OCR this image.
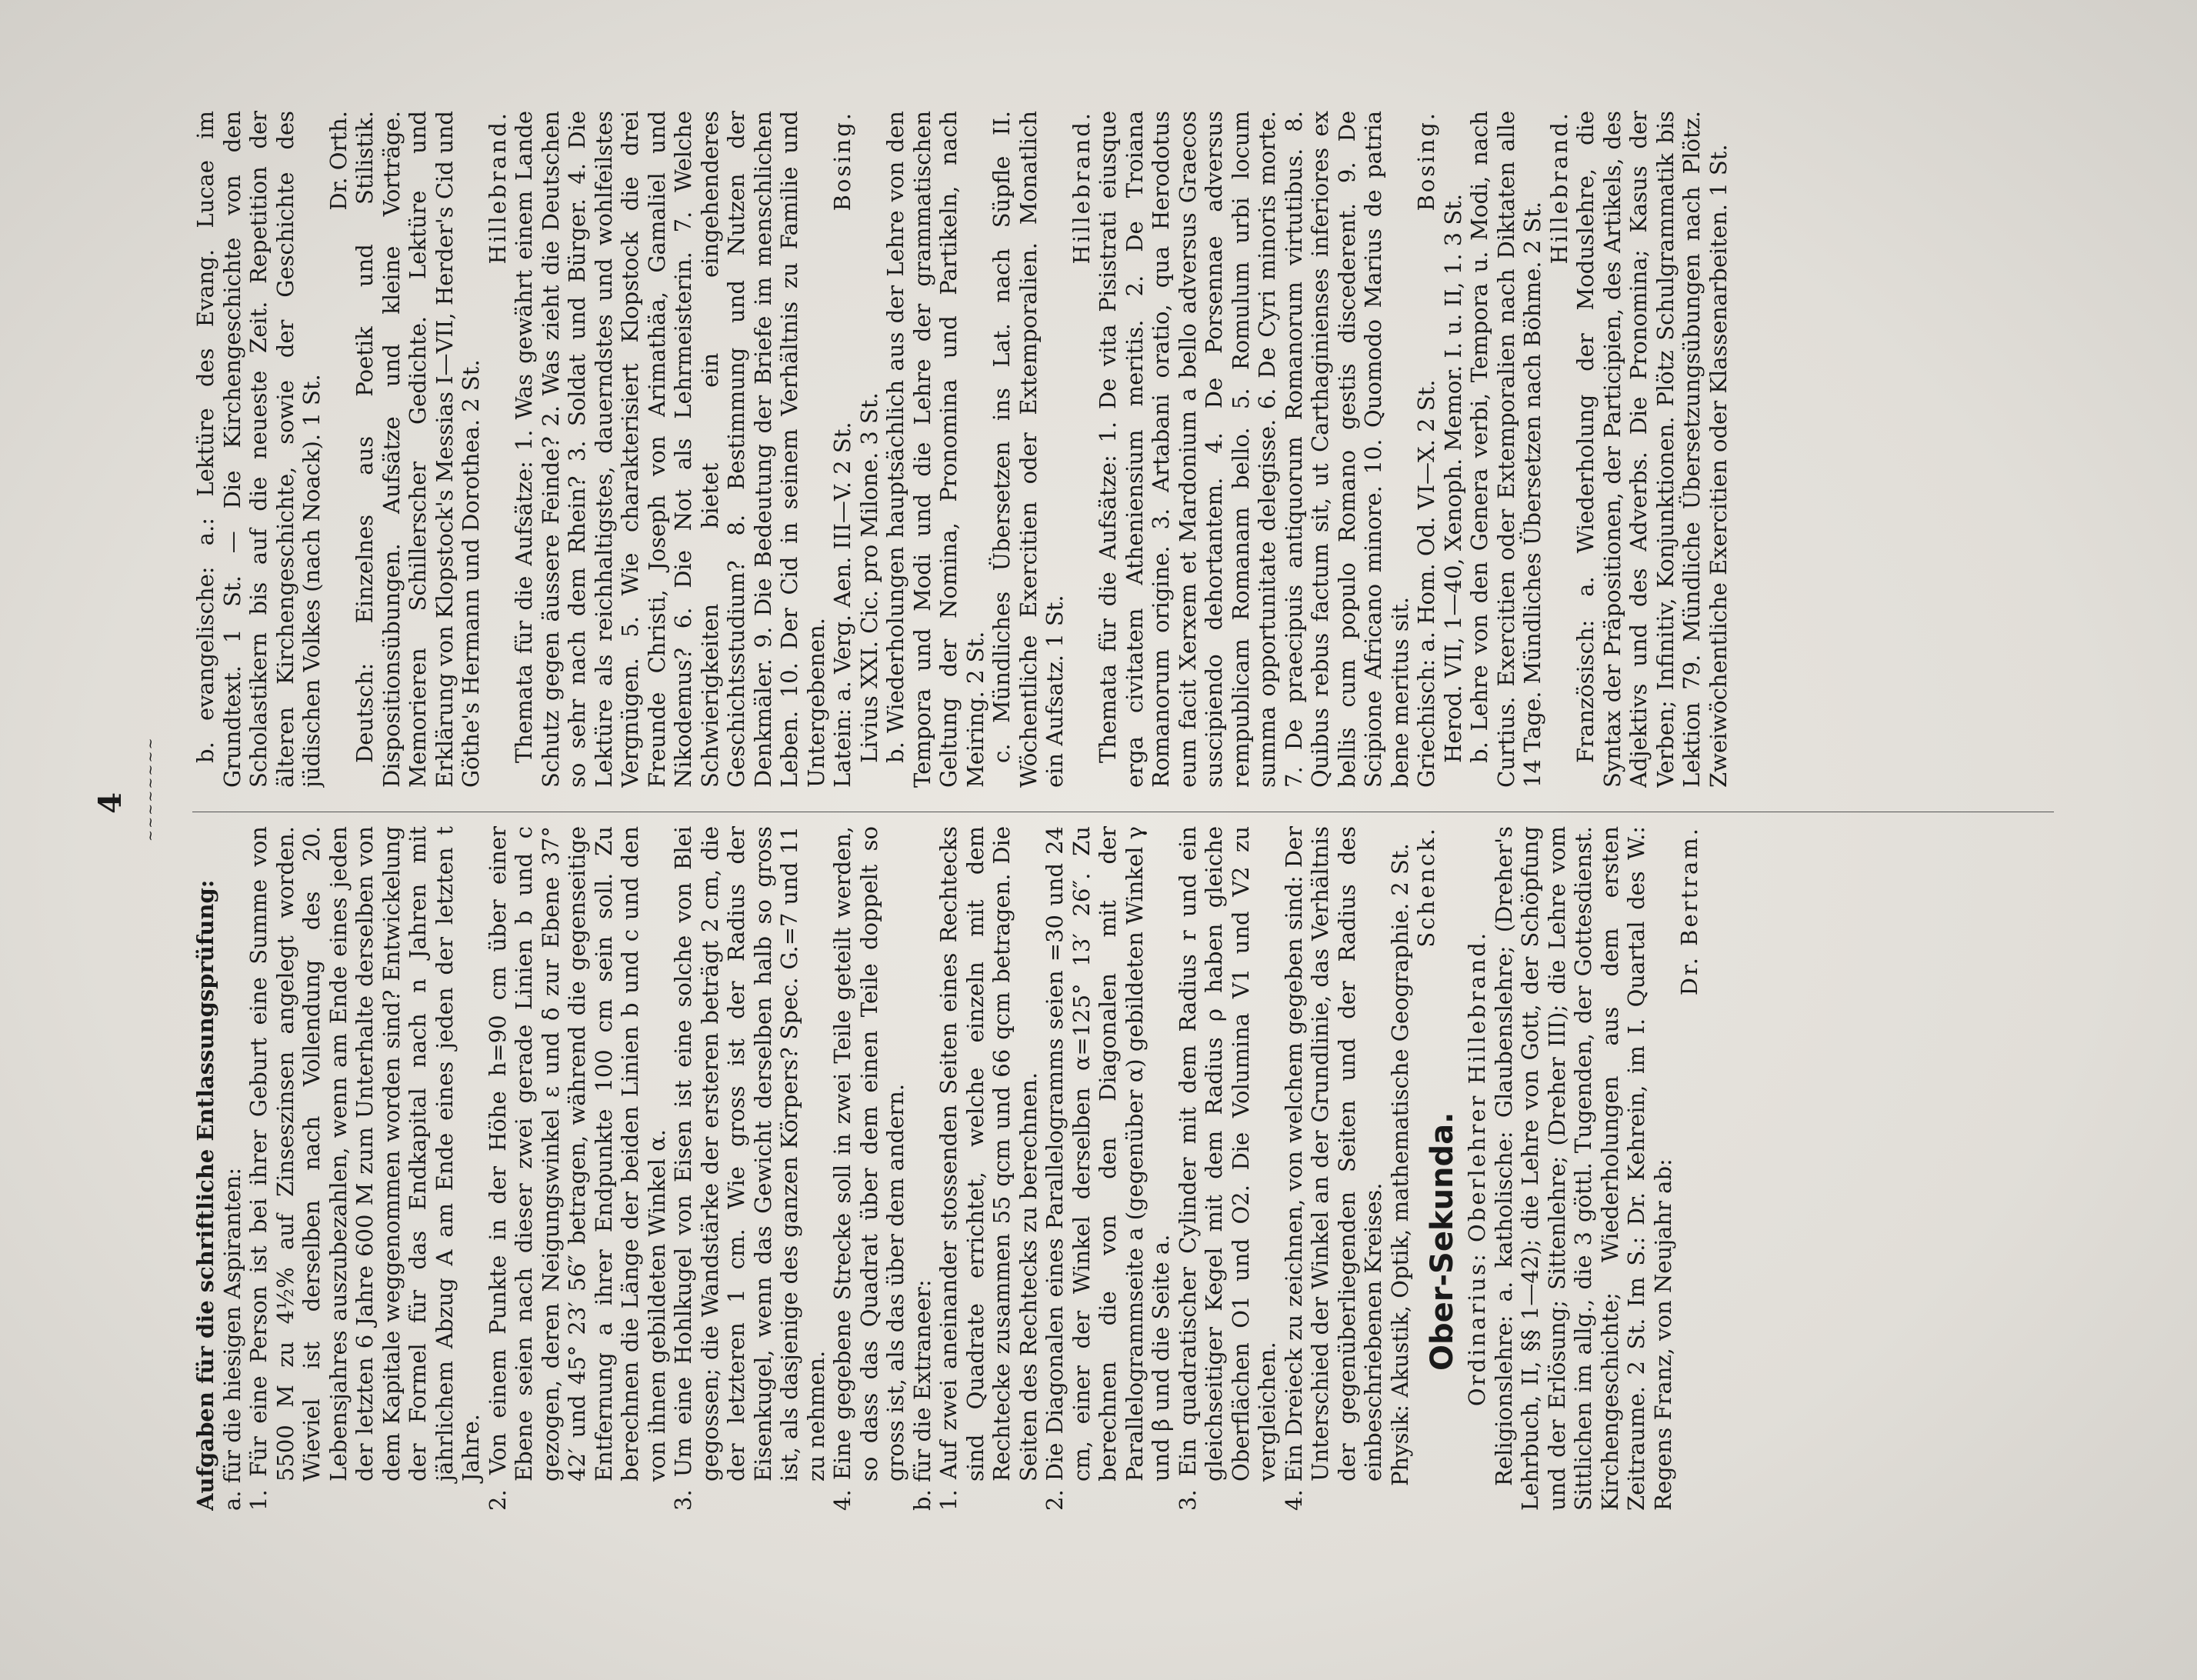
4 ~~~~~~~~

Aufgaben für die schriftliche Entlassungsprüfung: a. für die hiesigen Aspiranten: 1. Für eine Person ist bei ihrer Geburt eine Summe von 5500 M zu 4½% auf Zinseszinsen angelegt worden. Wieviel ist derselben nach Vollendung des 20. Lebensjahres auszubezahlen, wenn am Ende eines jeden der letzten 6 Jahre 600 M zum Unterhalte derselben von dem Kapitale weggenommen worden sind? Entwickelung der Formel für das Endkapital nach n Jahren mit jährlichem Abzug A am Ende eines jeden der letzten t Jahre. 2. Von einem Punkte in der Höhe h=90 cm über einer Ebene seien nach dieser zwei gerade Linien b und c gezogen, deren Neigungswinkel ε und δ zur Ebene 37° 42′ und 45° 23′ 56″ betragen, während die gegenseitige Entfernung a ihrer Endpunkte 100 cm sein soll. Zu berechnen die Länge der beiden Linien b und c und den von ihnen gebildeten Winkel α. 3. Um eine Hohlkugel von Eisen ist eine solche von Blei gegossen; die Wandstärke der ersteren beträgt 2 cm, die der letzteren 1 cm. Wie gross ist der Radius der Eisenkugel, wenn das Gewicht derselben halb so gross ist, als dasjenige des ganzen Körpers? Spec. G.=7 und 11 zu nehmen. 4. Eine gegebene Strecke soll in zwei Teile geteilt werden, so dass das Quadrat über dem einen Teile doppelt so gross ist, als das über dem andern. b. für die Extraneer: 1. Auf zwei aneinander stossenden Seiten eines Rechtecks sind Quadrate errichtet, welche einzeln mit dem Rechtecke zusammen 55 qcm und 66 qcm betragen. Die Seiten des Rechtecks zu berechnen. 2. Die Diagonalen eines Parallelogramms seien =30 und 24 cm, einer der Winkel derselben α=125° 13′ 26″. Zu berechnen die von den Diagonalen mit der Parallelogrammseite a (gegenüber α) gebildeten Winkel γ und β und die Seite a. 3. Ein quadratischer Cylinder mit dem Radius r und ein gleichseitiger Kegel mit dem Radius ρ haben gleiche Oberflächen O1 und O2. Die Volumina V1 und V2 zu vergleichen. 4. Ein Dreieck zu zeichnen, von welchem gegeben sind: Der Unterschied der Winkel an der Grundlinie, das Verhältnis der gegenüberliegenden Seiten und der Radius des einbeschriebenen Kreises. Physik: Akustik, Optik, mathematische Geographie. 2 St. Schenck.

Ober-Sekunda. Ordinarius: Oberlehrer Hillebrand. Religionslehre: a. katholische: Glaubenslehre; (Dreher's Lehrbuch, II, §§ 1—42); die Lehre von Gott, der Schöpfung und der Erlösung; Sittenlehre; (Dreher III); die Lehre vom Sittlichen im allg., die 3 göttl. Tugenden, der Gottesdienst. Kirchengeschichte; Wiederholungen aus dem ersten Zeitraume. 2 St. Im S.: Dr. Kehrein, im I. Quartal des W.: Regens Franz, von Neujahr ab:

Dr. Bertram.

b. evangelische: a.: Lektüre des Evang. Lucae im Grundtext. 1 St. — Die Kirchengeschichte von den Scholastikern bis auf die neueste Zeit. Repetition der älteren Kirchengeschichte, sowie der Geschichte des jüdischen Volkes (nach Noack). 1 St.

Dr. Orth. Deutsch: Einzelnes aus Poetik und Stilistik. Dispositionsübungen. Aufsätze und kleine Vorträge. Memorieren Schillerscher Gedichte. Lektüre und Erklärung von Klopstock's Messias I—VII, Herder's Cid und Göthe's Hermann und Dorothea. 2 St.

Hillebrand. Themata für die Aufsätze: 1. Was gewährt einem Lande Schutz gegen äussere Feinde? 2. Was zieht die Deutschen so sehr nach dem Rhein? 3. Soldat und Bürger. 4. Die Lektüre als reichhaltigstes, dauerndstes und wohlfeilstes Vergnügen. 5. Wie charakterisiert Klopstock die drei Freunde Christi, Joseph von Arimathäa, Gamaliel und Nikodemus? 6. Die Not als Lehrmeisterin. 7. Welche Schwierigkeiten bietet ein eingehenderes Geschichtsstudium? 8. Bestimmung und Nutzen der Denkmäler. 9. Die Bedeutung der Briefe im menschlichen Leben. 10. Der Cid in seinem Verhältnis zu Familie und Untergebenen. Latein: a. Verg. Aen. III—V. 2 St.
Bosing.

Livius XXI. Cic. pro Milone. 3 St. b. Wiederholungen hauptsächlich aus der Lehre von den Tempora und Modi und die Lehre der grammatischen Geltung der Nomina, Pronomina und Partikeln, nach Meiring. 2 St. c. Mündliches Übersetzen ins Lat. nach Süpfle II. Wöchentliche Exercitien oder Extemporalien. Monatlich ein Aufsatz. 1 St.

Hillebrand. Themata für die Aufsätze: 1. De vita Pisistrati eiusque erga civitatem Atheniensium meritis. 2. De Troiana Romanorum origine. 3. Artabani oratio, qua Herodotus eum facit Xerxem et Mardonium a bello adversus Graecos suscipiendo dehortantem. 4. De Porsennae adversus rempublicam Romanam bello. 5. Romulum urbi locum summa opportunitate delegisse. 6. De Cyri minoris morte. 7. De praecipuis antiquorum Romanorum virtutibus. 8. Quibus rebus factum sit, ut Carthaginienses inferiores ex bellis cum populo Romano gestis discederent. 9. De Scipione Africano minore. 10. Quomodo Marius de patria bene meritus sit. Griechisch: a. Hom. Od. VI—X. 2 St.
Bosing.

Herod. VII, 1—40, Xenoph. Memor. I. u. II, 1. 3 St. b. Lehre von den Genera verbi, Tempora u. Modi, nach Curtius. Exercitien oder Extemporalien nach Diktaten alle 14 Tage. Mündliches Übersetzen nach Böhme. 2 St.

Hillebrand. Französisch: a. Wiederholung der Moduslehre, die Syntax der Präpositionen, der Participien, des Artikels, des Adjektivs und des Adverbs. Die Pronomina; Kasus der Verben; Infinitiv, Konjunktionen. Plötz Schulgrammatik bis Lektion 79. Mündliche Übersetzungsübungen nach Plötz. Zweiwöchentliche Exercitien oder Klassenarbeiten. 1 St.
